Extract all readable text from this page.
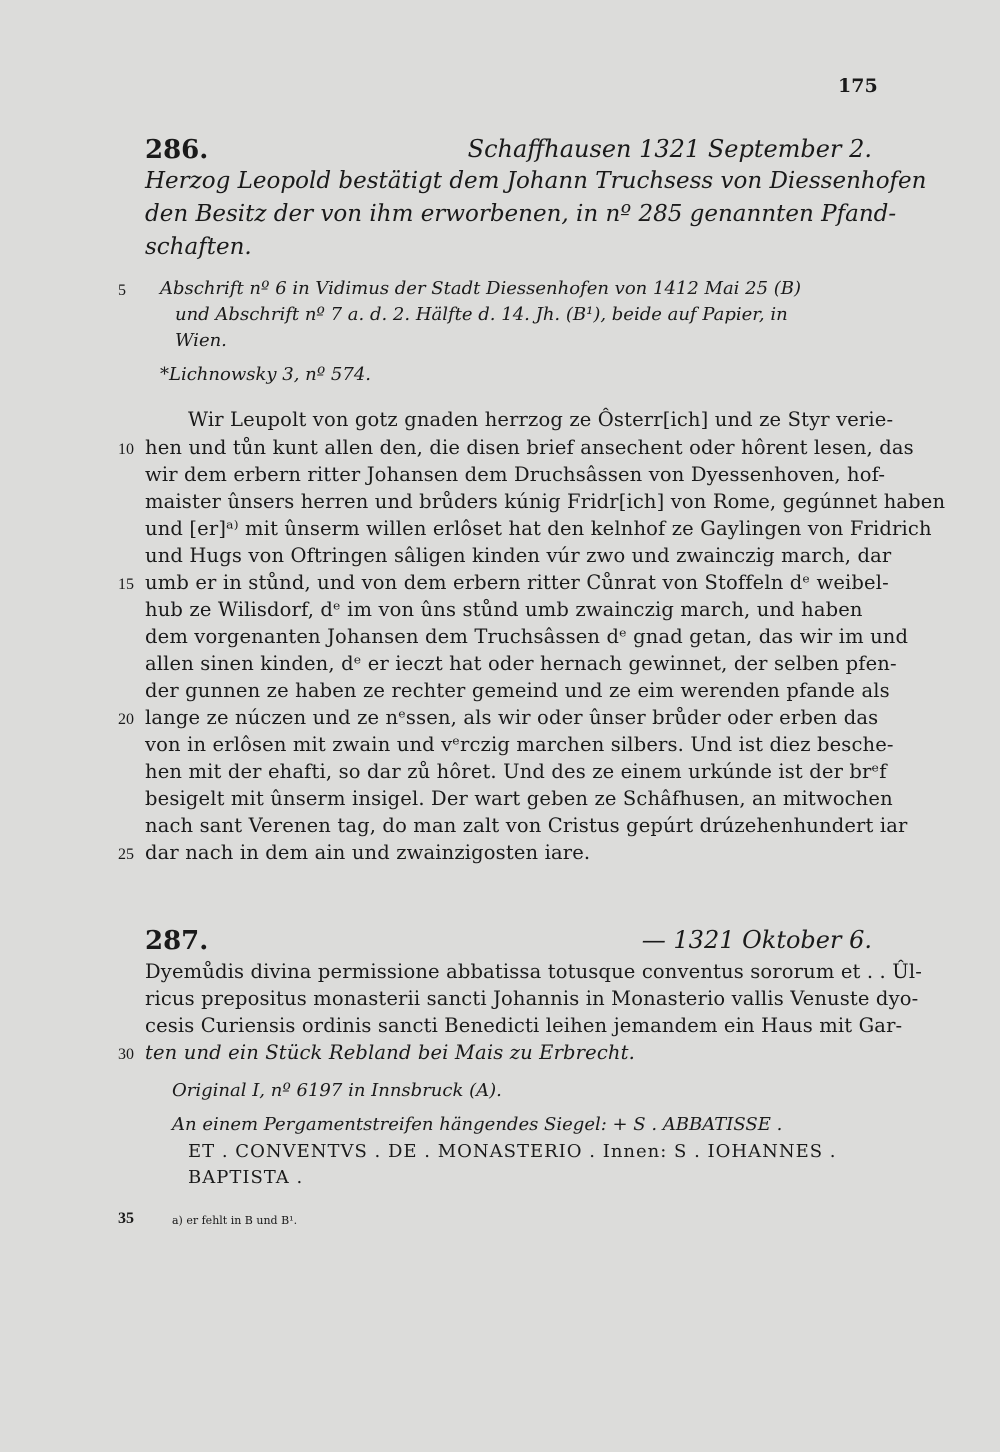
175
286.	Schaffhausen 1321 September 2.
Herzog Leopold bestätigt dem Johann Truchsess von Diessenhofen
den Besitz der von ihm erworbenen, in nº 285 genannten Pfand-
schaften.
5 Abschrift nº 6 in Vidimus der Stadt Diessenhofen von 1412 Mai 25 (B)
und Abschrift nº 7 a. d. 2. Hälfte d. 14. Jh. (B¹), beide auf Papier, in
Wien.
*Lichnowsky 3, nº 574.
Wir Leupolt von gotz gnaden herrzog ze Ôsterr[ich] und ze Styr verie-
10 hen und tůn kunt allen den, die disen brief ansechent oder hôrent lesen, das
wir dem erbern ritter Johansen dem Druchsâssen von Dyessenhoven, hof-
maister ûnsers herren und brůders kúnig Fridr[ich] von Rome, gegúnnet haben
und [er]ᵃ⁾ mit ûnserm willen erlôset hat den kelnhof ze Gaylingen von Fridrich
und Hugs von Oftringen sâligen kinden vúr zwo und zwainczig march, dar
15 umb er in stůnd, und von dem erbern ritter Cůnrat von Stoffeln dᵉ weibel-
hub ze Wilisdorf, dᵉ im von ûns stůnd umb zwainczig march, und haben
dem vorgenanten Johansen dem Truchsâssen dᵉ gnad getan, das wir im und
allen sinen kinden, dᵉ er ieczt hat oder hernach gewinnet, der selben pfen-
der gunnen ze haben ze rechter gemeind und ze eim werenden pfande als
20 lange ze núczen und ze nᵉssen, als wir oder ûnser brůder oder erben das
von in erlôsen mit zwain und vᵉrczig marchen silbers. Und ist diez besche-
hen mit der ehafti, so dar zů hôret. Und des ze einem urkúnde ist der brᵉf
besigelt mit ûnserm insigel. Der wart geben ze Schâfhusen, an mitwochen
nach sant Verenen tag, do man zalt von Cristus gepúrt drúzehenhundert iar
25 dar nach in dem ain und zwainzigosten iare.
287.	— 1321 Oktober 6.
Dyemůdis divina permissione abbatissa totusque conventus sororum et . . Ûl-
ricus prepositus monasterii sancti Johannis in Monasterio vallis Venuste dyo-
cesis Curiensis ordinis sancti Benedicti leihen jemandem ein Haus mit Gar-
30 ten und ein Stück Rebland bei Mais zu Erbrecht.
Original I, nº 6197 in Innsbruck (A).
An einem Pergamentstreifen hängendes Siegel: + S . ABBATISSE .
ET . CONVENTVS . DE . MONASTERIO . Innen: S . IOHANNES .
BAPTISTA .
35	a) er fehlt in B und B¹.
